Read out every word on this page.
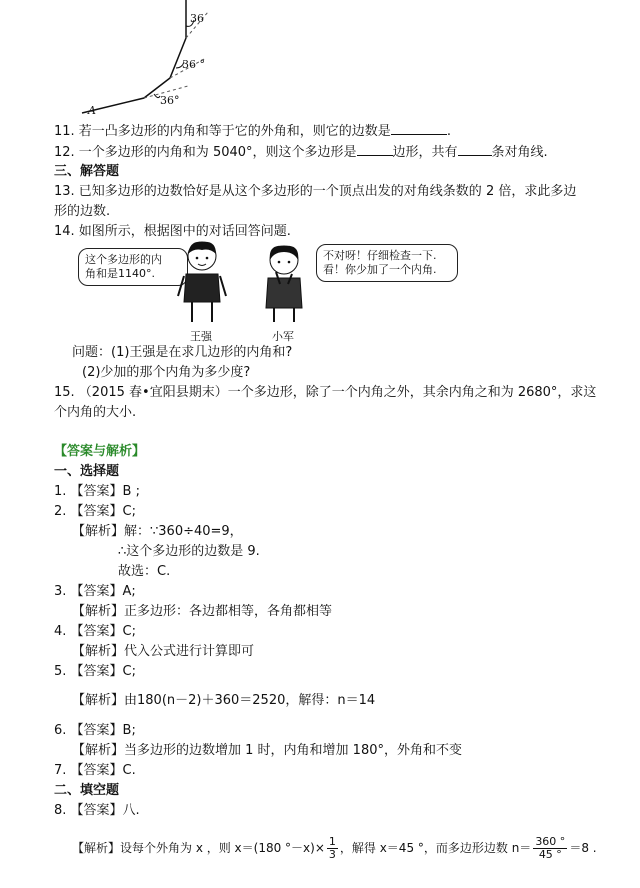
36
36 °
36°
A
11. 若一凸多边形的内角和等于它的外角和，则它的边数是	.
12. 一个多边形的内角和为 5040°，则这个多边形是	边形，共有	条对角线.
三、解答题
13. 已知多边形的边数恰好是从这个多边形的一个顶点出发的对角线条数的 2 倍，求此多边
形的边数.
14. 如图所示，根据图中的对话回答问题.
这个多边形的内
角和是1140°.
不对呀！仔细检查一下.
看！你少加了一个内角.
王强	小军
问题：(1)王强是在求几边形的内角和?
(2)少加的那个内角为多少度?
15. （2015 春•宜阳县期末）一个多边形，除了一个内角之外，其余内角之和为 2680°，求这
个内角的大小.
【答案与解析】
一、选择题
1. 【答案】B ;
2. 【答案】C;
【解析】解：∵360÷40=9，
∴这个多边形的边数是 9.
故选：C.
3. 【答案】A;
【解析】正多边形：各边都相等，各角都相等
4. 【答案】C;
【解析】代入公式进行计算即可
5. 【答案】C;
【解析】由180(n－2)＋360＝2520，解得：n＝14
6. 【答案】B;
【解析】当多边形的边数增加 1 时，内角和增加 180°，外角和不变
7. 【答案】C.
二、填空题
8. 【答案】八.
【解析】设每个外角为 x ，则 x＝(180 $^\circ-x)\times \frac{1}{3}$ ，解得 x＝45 °，而多边形边数 $n= \frac{360 ^\circ}{45 ^\circ} =8$ .
